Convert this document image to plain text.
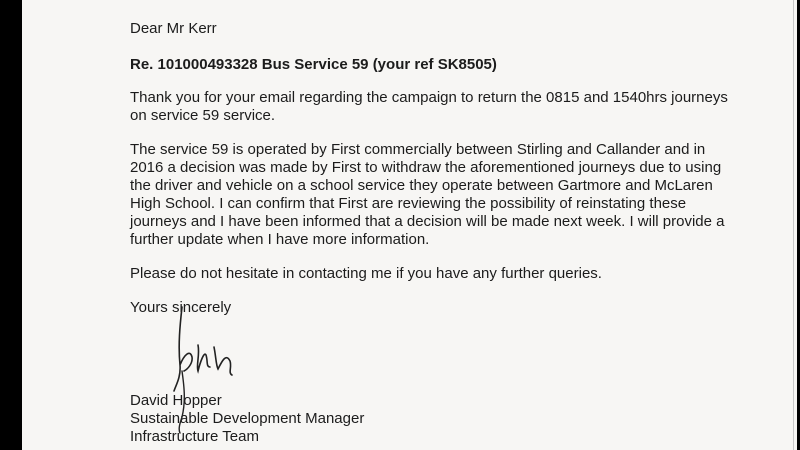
Dear Mr Kerr

Re. 101000493328 Bus Service 59 (your ref SK8505)

Thank you for your email regarding the campaign to return the 0815 and 1540hrs journeys

on service 59 service.

The service 59 is operated by First commercially between Stirling and Callander and in

2016 a decision was made by First to withdraw the aforementioned journeys due to using

the driver and vehicle on a school service they operate between Gartmore and McLaren

High School. I can confirm that First are reviewing the possibility of reinstating these

journeys and I have been informed that a decision will be made next week. I will provide a

further update when I have more information.

Please do not hesitate in contacting me if you have any further queries.

Yours sincerely

David Hopper

Sustainable Development Manager

Infrastructure Team
